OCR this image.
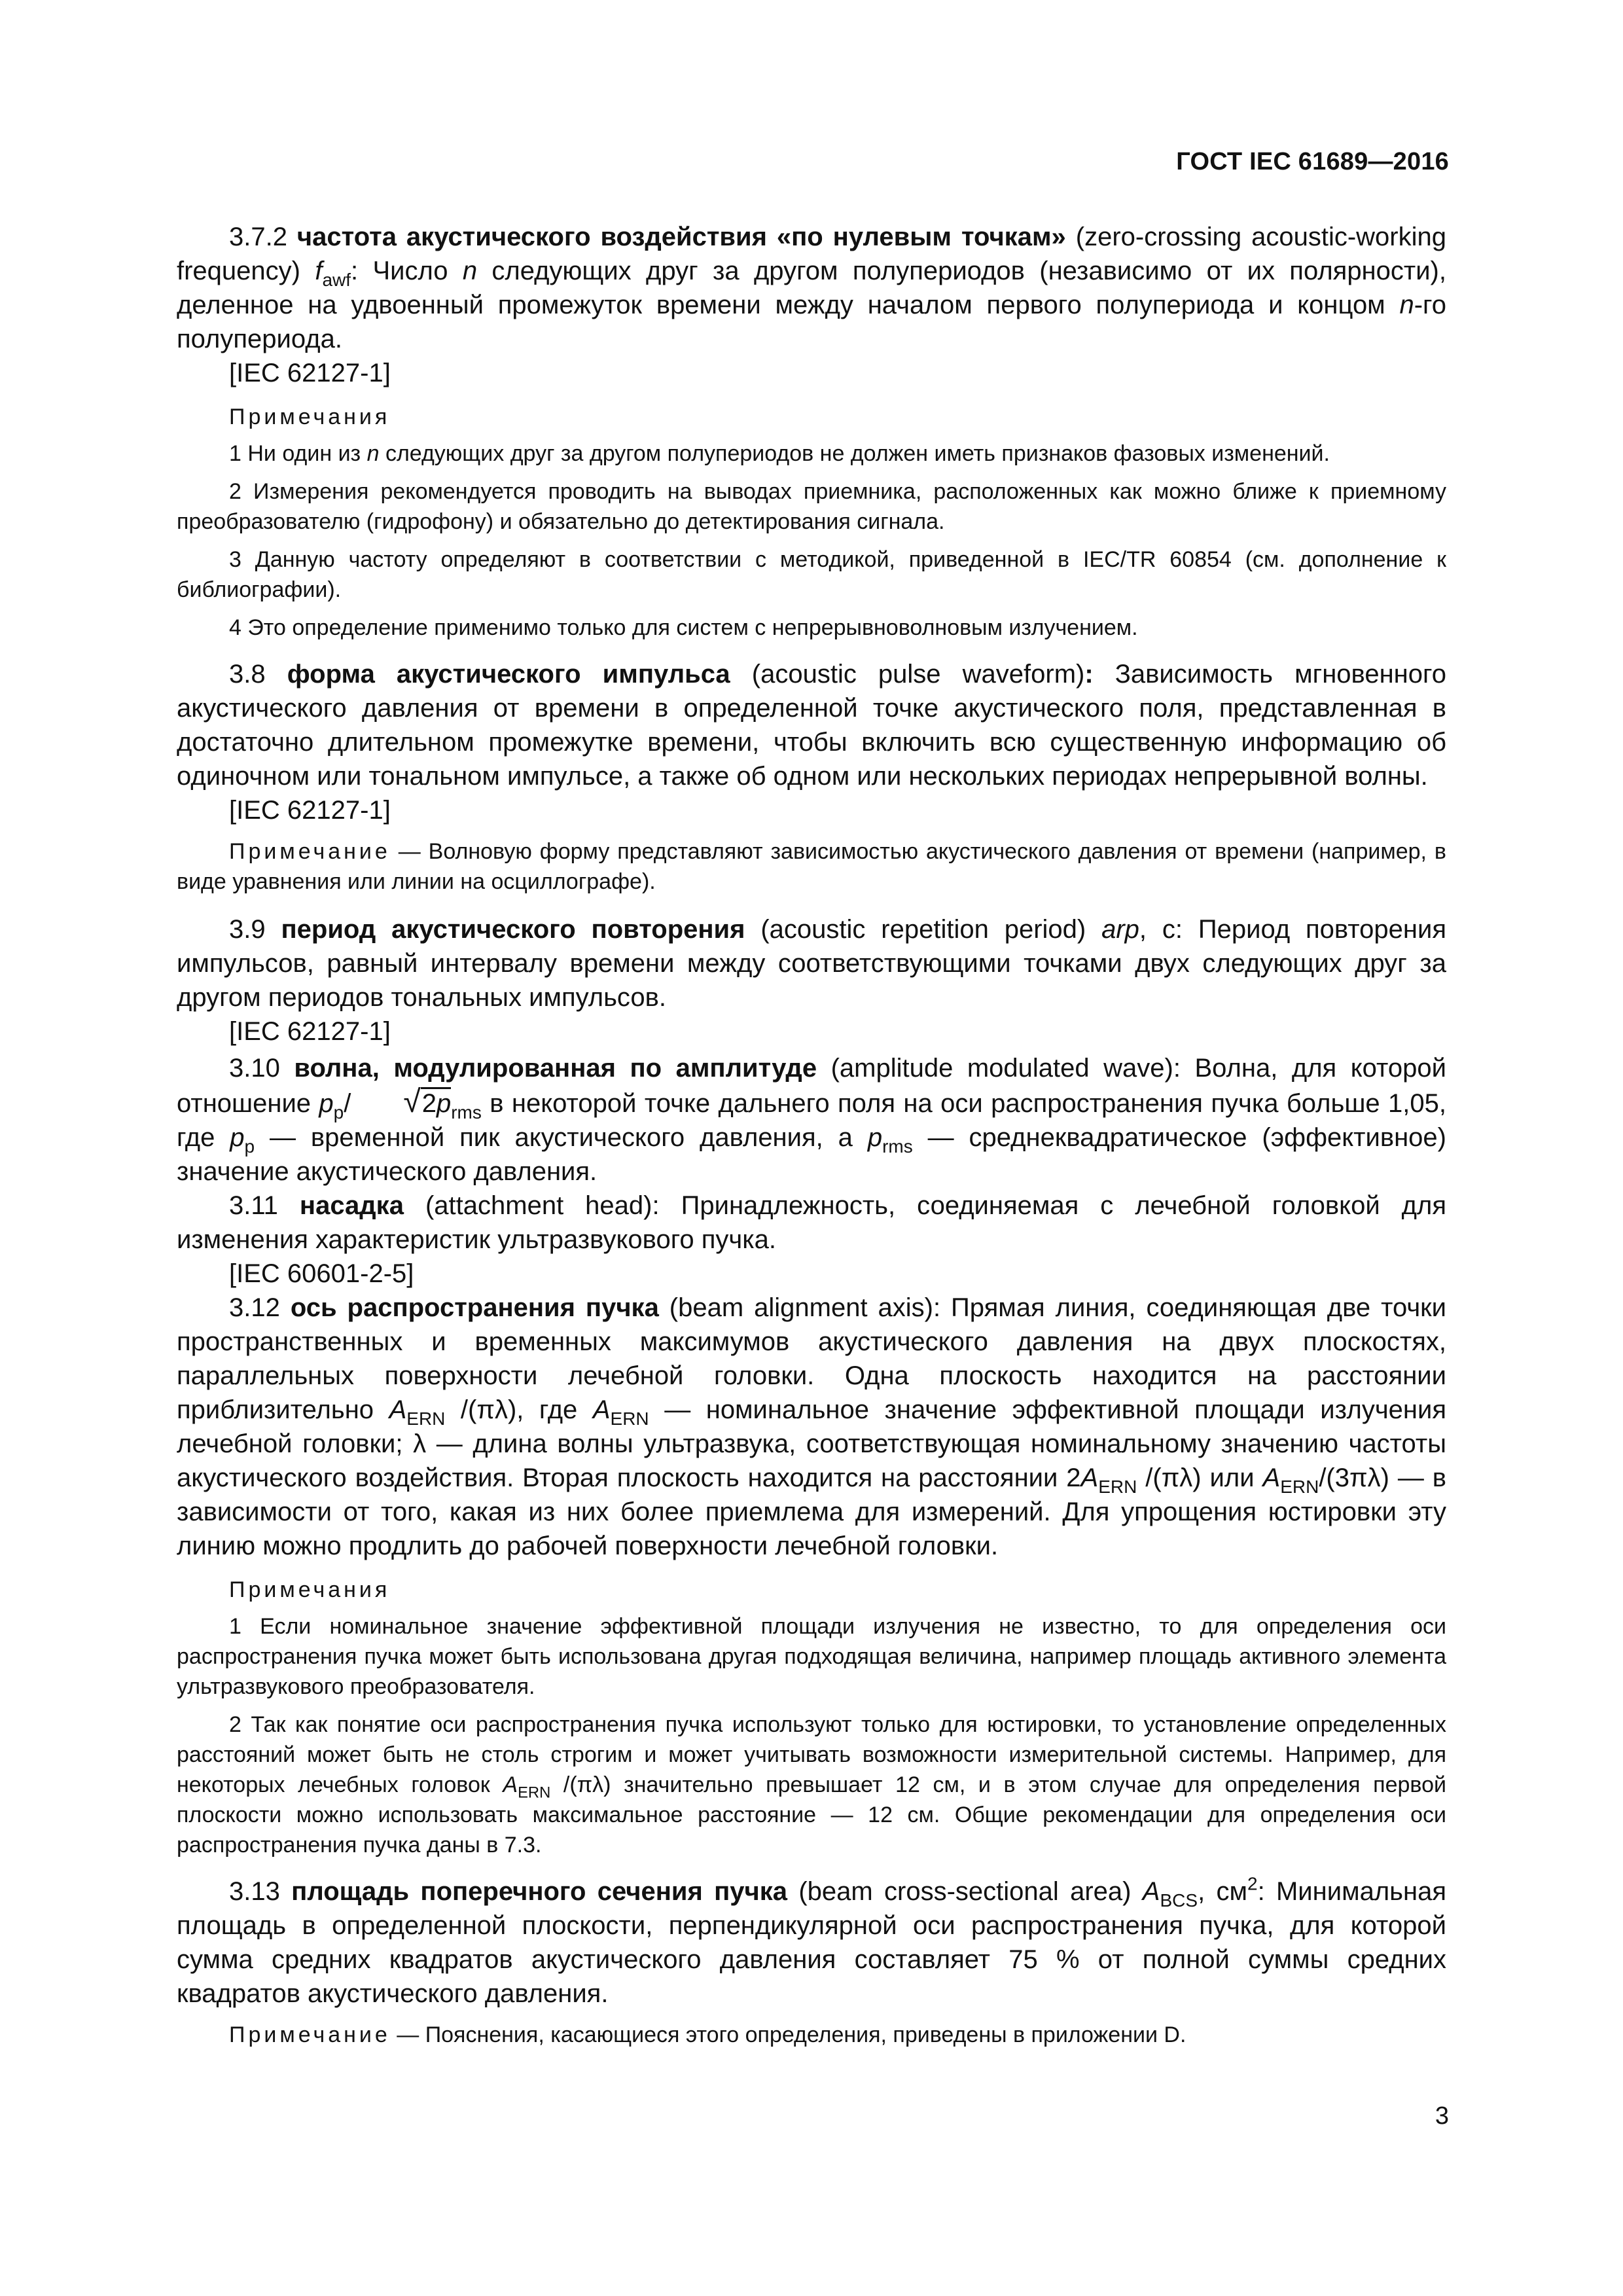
ГОСТ IEC 61689—2016

3.7.2 частота акустического воздействия «по нулевым точкам» (zero-crossing acoustic-working frequency) $f_{awf}$: Число n следующих друг за другом полупериодов (независимо от их полярности), деленное на удвоенный промежуток времени между началом первого полупериода и концом n-го полупериода.

[IEC 62127-1]

Примечания

1 Ни один из n следующих друг за другом полупериодов не должен иметь признаков фазовых изменений.

2 Измерения рекомендуется проводить на выводах приемника, расположенных как можно ближе к приемному преобразователю (гидрофону) и обязательно до детектирования сигнала.

3 Данную частоту определяют в соответствии с методикой, приведенной в IEC/TR 60854 (см. дополнение к библиографии).

4 Это определение применимо только для систем с непрерывноволновым излучением.

3.8 форма акустического импульса (acoustic pulse waveform): Зависимость мгновенного акустического давления от времени в определенной точке акустического поля, представленная в достаточно длительном промежутке времени, чтобы включить всю существенную информацию об одиночном или тональном импульсе, а также об одном или нескольких периодах непрерывной волны.

[IEC 62127-1]

Примечание — Волновую форму представляют зависимостью акустического давления от времени (например, в виде уравнения или линии на осциллографе).

3.9 период акустического повторения (acoustic repetition period) arp, с: Период повторения импульсов, равный интервалу времени между соответствующими точками двух следующих друг за другом периодов тональных импульсов.

[IEC 62127-1]

3.10 волна, модулированная по амплитуде (amplitude modulated wave): Волна, для которой отношение $p_p/$ $√2p_{rms}$ в некоторой точке дальнего поля на оси распространения пучка больше 1,05, где $p_p$ — временной пик акустического давления, а $p_{rms}$ — среднеквадратическое (эффективное) значение акустического давления.

3.11 насадка (attachment head): Принадлежность, соединяемая с лечебной головкой для изменения характеристик ультразвукового пучка.

[IEC 60601-2-5]

3.12 ось распространения пучка (beam alignment axis): Прямая линия, соединяющая две точки пространственных и временных максимумов акустического давления на двух плоскостях, параллельных поверхности лечебной головки. Одна плоскость находится на расстоянии приблизительно $A_{ERN}$ /(πλ), где $A_{ERN}$ — номинальное значение эффективной площади излучения лечебной головки; λ — длина волны ультразвука, соответствующая номинальному значению частоты акустического воздействия. Вторая плоскость находится на расстоянии $2A_{ERN}$ /(πλ) или $A_{ERN}/(3\pi\lambda)$ — в зависимости от того, какая из них более приемлема для измерений. Для упрощения юстировки эту линию можно продлить до рабочей поверхности лечебной головки.

Примечания

1 Если номинальное значение эффективной площади излучения не известно, то для определения оси распространения пучка может быть использована другая подходящая величина, например площадь активного элемента ультразвукового преобразователя.

2 Так как понятие оси распространения пучка используют только для юстировки, то установление определенных расстояний может быть не столь строгим и может учитывать возможности измерительной системы. Например, для некоторых лечебных головок $A_{ERN}$ /(πλ) значительно превышает 12 см, и в этом случае для определения первой плоскости можно использовать максимальное расстояние — 12 см. Общие рекомендации для определения оси распространения пучка даны в 7.3.

3.13 площадь поперечного сечения пучка (beam cross-sectional area) $A_{BCS}$, $см^2$: Минимальная площадь в определенной плоскости, перпендикулярной оси распространения пучка, для которой сумма средних квадратов акустического давления составляет 75 % от полной суммы средних квадратов акустического давления.

Примечание — Пояснения, касающиеся этого определения, приведены в приложении D.

3
